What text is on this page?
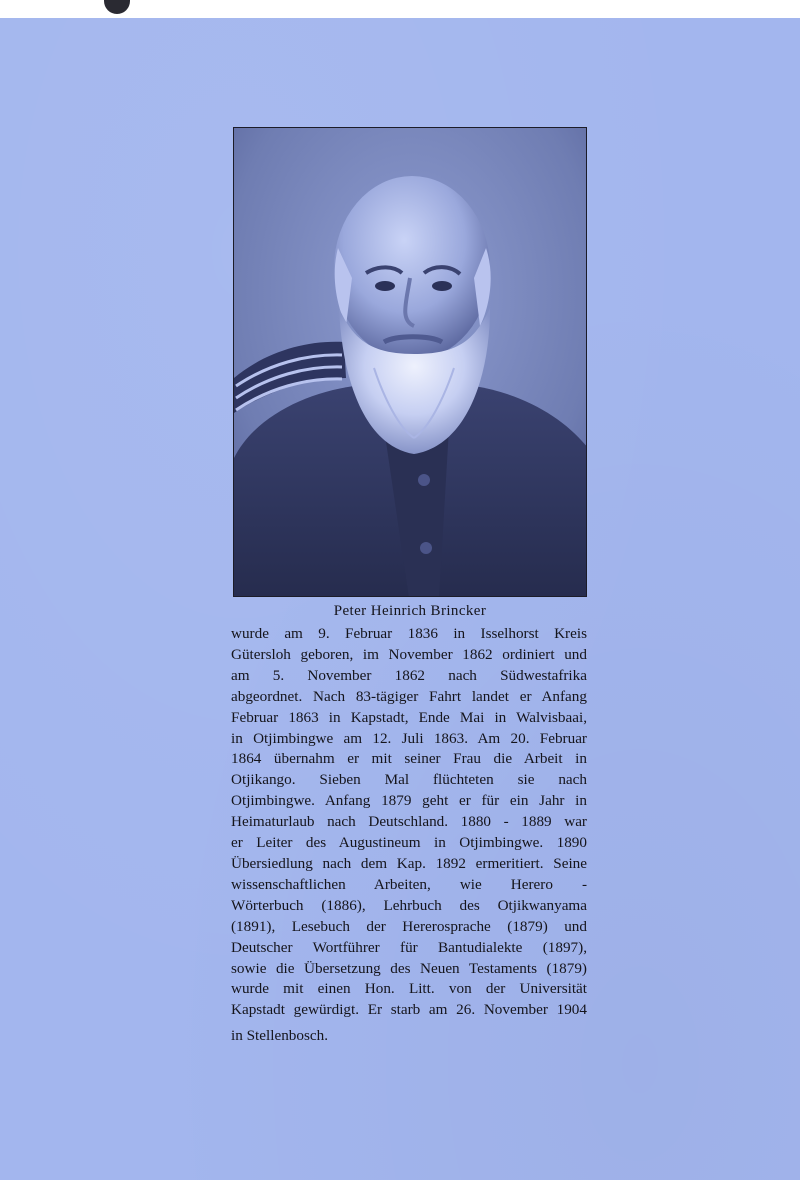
Peter Heinrich Brincker
wurde am 9. Februar 1836 in Isselhorst Kreis
Gütersloh geboren, im November 1862 ordiniert und
am 5. November 1862 nach Südwestafrika
abgeordnet. Nach 83-tägiger Fahrt landet er Anfang
Februar 1863 in Kapstadt, Ende Mai in Walvisbaai,
in Otjimbingwe am 12. Juli 1863. Am 20. Februar
1864 übernahm er mit seiner Frau die Arbeit in
Otjikango. Sieben Mal flüchteten sie nach
Otjimbingwe. Anfang 1879 geht er für ein Jahr in
Heimaturlaub nach Deutschland. 1880 - 1889 war
er Leiter des Augustineum in Otjimbingwe. 1890
Übersiedlung nach dem Kap. 1892 ermeritiert. Seine
wissenschaftlichen Arbeiten, wie Herero -
Wörterbuch (1886), Lehrbuch des Otjikwanyama
(1891), Lesebuch der Hererosprache (1879) und
Deutscher Wortführer für Bantudialekte (1897),
sowie die Übersetzung des Neuen Testaments (1879)
wurde mit einen Hon. Litt. von der Universität
Kapstadt gewürdigt. Er starb am 26. November 1904
in Stellenbosch.
